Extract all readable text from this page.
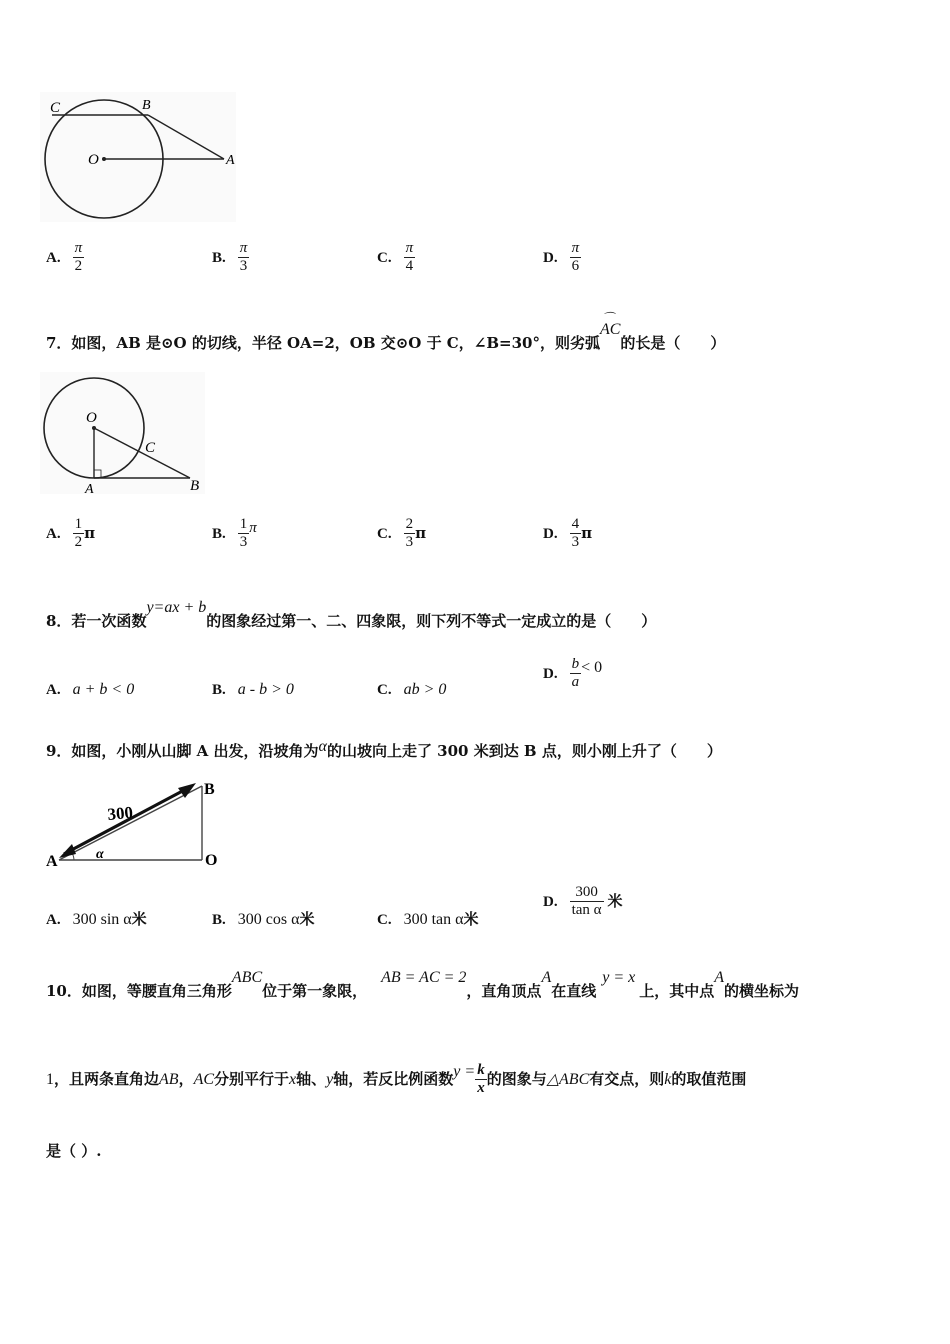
C	B
O	A
A. $\frac{\pi}{2}$	B. $\frac{\pi}{3}$	C. $\frac{\pi}{4}$	D. $\frac{\pi}{6}$
7．如图，AB 是⊙O 的切线，半径 OA=2，OB 交⊙O 于 C，∠B=30°，则劣弧
⌒
AC的长是（　　）
O
C
A	B
A. $\frac{1}{2}$ π	B. $\frac{1}{3}$ π	C. $\frac{2}{3}$ π	D. $\frac{4}{3}$ π
8．若一次函数y=ax + b的图象经过第一、二、四象限，则下列不等式一定成立的是（　　）
A. a + b < 0	B. a - b > 0	C. ab > 0
D. $\frac{b}{a} < 0$
9．如图，小刚从山脚 A 出发，沿坡角为α的山坡向上走了 300 米到达 B 点，则小刚上升了（　　）
300
α
A
B
O
A. 300 sin α米	B. 300 cos α米	C. 300 tan α米
D. $\frac{300}{\text{tan α}}$ 米
10．如图，等腰直角三角形ABC位于第一象限，AB = AC = 2，直角顶点A在直线y = x上，其中点A的横坐标为
1，且两条直角边AB，AC分别平行于x轴、y轴，若反比例函数$y = \frac{k}{x}$ 的图象与△ABC有交点，则k的取值范围
是（ ）.
